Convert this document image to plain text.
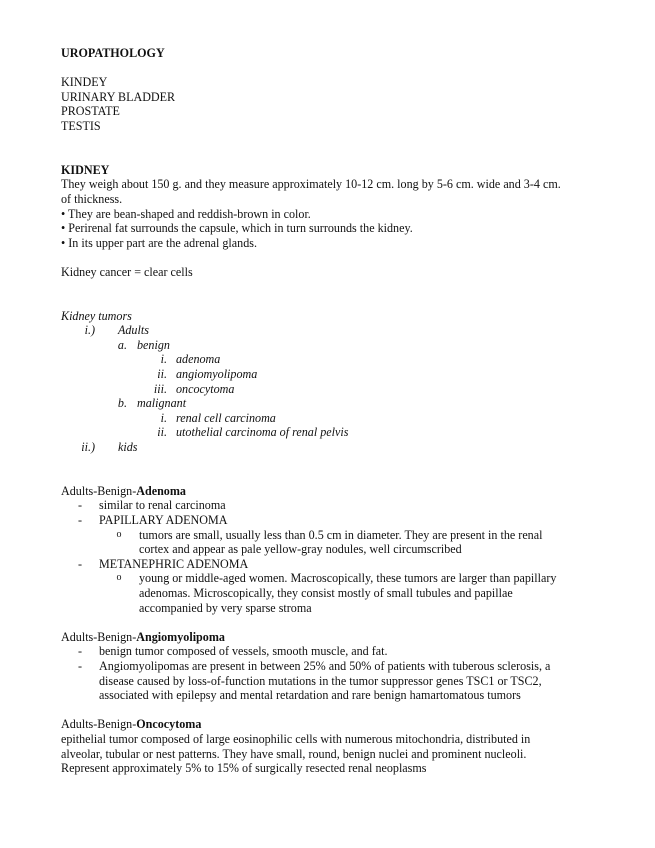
UROPATHOLOGY
KINDEY
URINARY BLADDER
PROSTATE
TESTIS
KIDNEY
They weigh about 150 g. and they measure approximately 10-12 cm. long by 5-6 cm. wide and 3-4 cm.
of thickness.
• They are bean-shaped and reddish-brown in color.
• Perirenal fat surrounds the capsule, which in turn surrounds the kidney.
• In its upper part are the adrenal glands.
Kidney cancer = clear cells
Kidney tumors
i.)	Adults
a. benign
i. adenoma
ii. angiomyolipoma
iii. oncocytoma
b. malignant
i. renal cell carcinoma
ii. utothelial carcinoma of renal pelvis
ii.)	kids
Adults-Benign-Adenoma
-	similar to renal carcinoma
-	PAPILLARY ADENOMA
o	tumors are small, usually less than 0.5 cm in diameter. They are present in the renal
cortex and appear as pale yellow-gray nodules, well circumscribed
-	METANEPHRIC ADENOMA
o	young or middle-aged women. Macroscopically, these tumors are larger than papillary
adenomas. Microscopically, they consist mostly of small tubules and papillae
accompanied by very sparse stroma
Adults-Benign-Angiomyolipoma
-	benign tumor composed of vessels, smooth muscle, and fat.
-	Angiomyolipomas are present in between 25% and 50% of patients with tuberous sclerosis, a
disease caused by loss-of-function mutations in the tumor suppressor genes TSC1 or TSC2,
associated with epilepsy and mental retardation and rare benign hamartomatous tumors
Adults-Benign-Oncocytoma
epithelial tumor composed of large eosinophilic cells with numerous mitochondria, distributed in
alveolar, tubular or nest patterns. They have small, round, benign nuclei and prominent nucleoli.
Represent approximately 5% to 15% of surgically resected renal neoplasms
